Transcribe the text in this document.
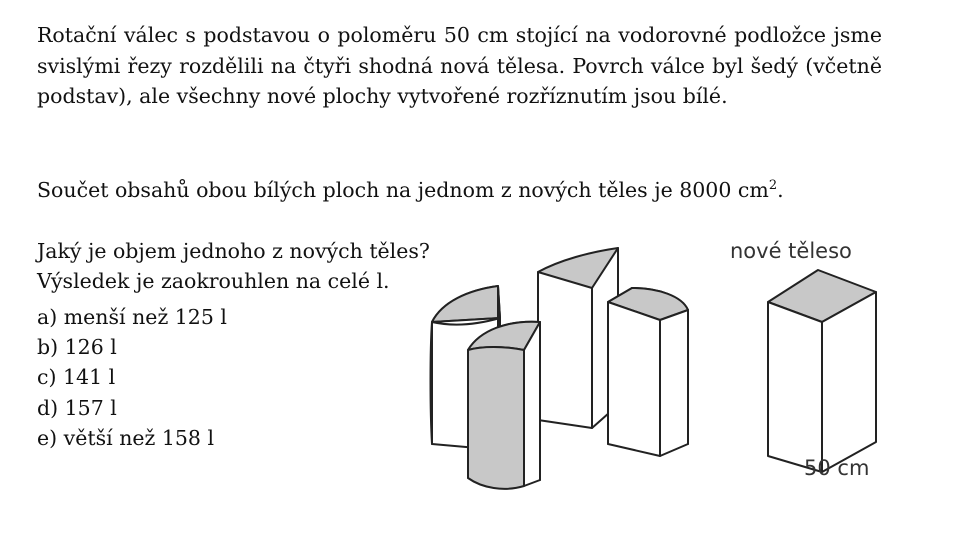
Rotační válec s podstavou o poloměru 50 cm stojící na vodorovné podložce jsme svislými řezy rozdělili na čtyři shodná nová tělesa. Povrch válce byl šedý (včetně podstav), ale všechny nové plochy vytvořené rozříznutím jsou bílé.

Součet obsahů obou bílých ploch na jednom z nových těles je 8000 $cm^2$.

Jaký je objem jednoho z nových těles?
Výsledek je zaokrouhlen na celé l.
a) menší než 125 l
b) 126 l
c) 141 l
d) 157 l
e) větší než 158 l
nové těleso
50 cm
